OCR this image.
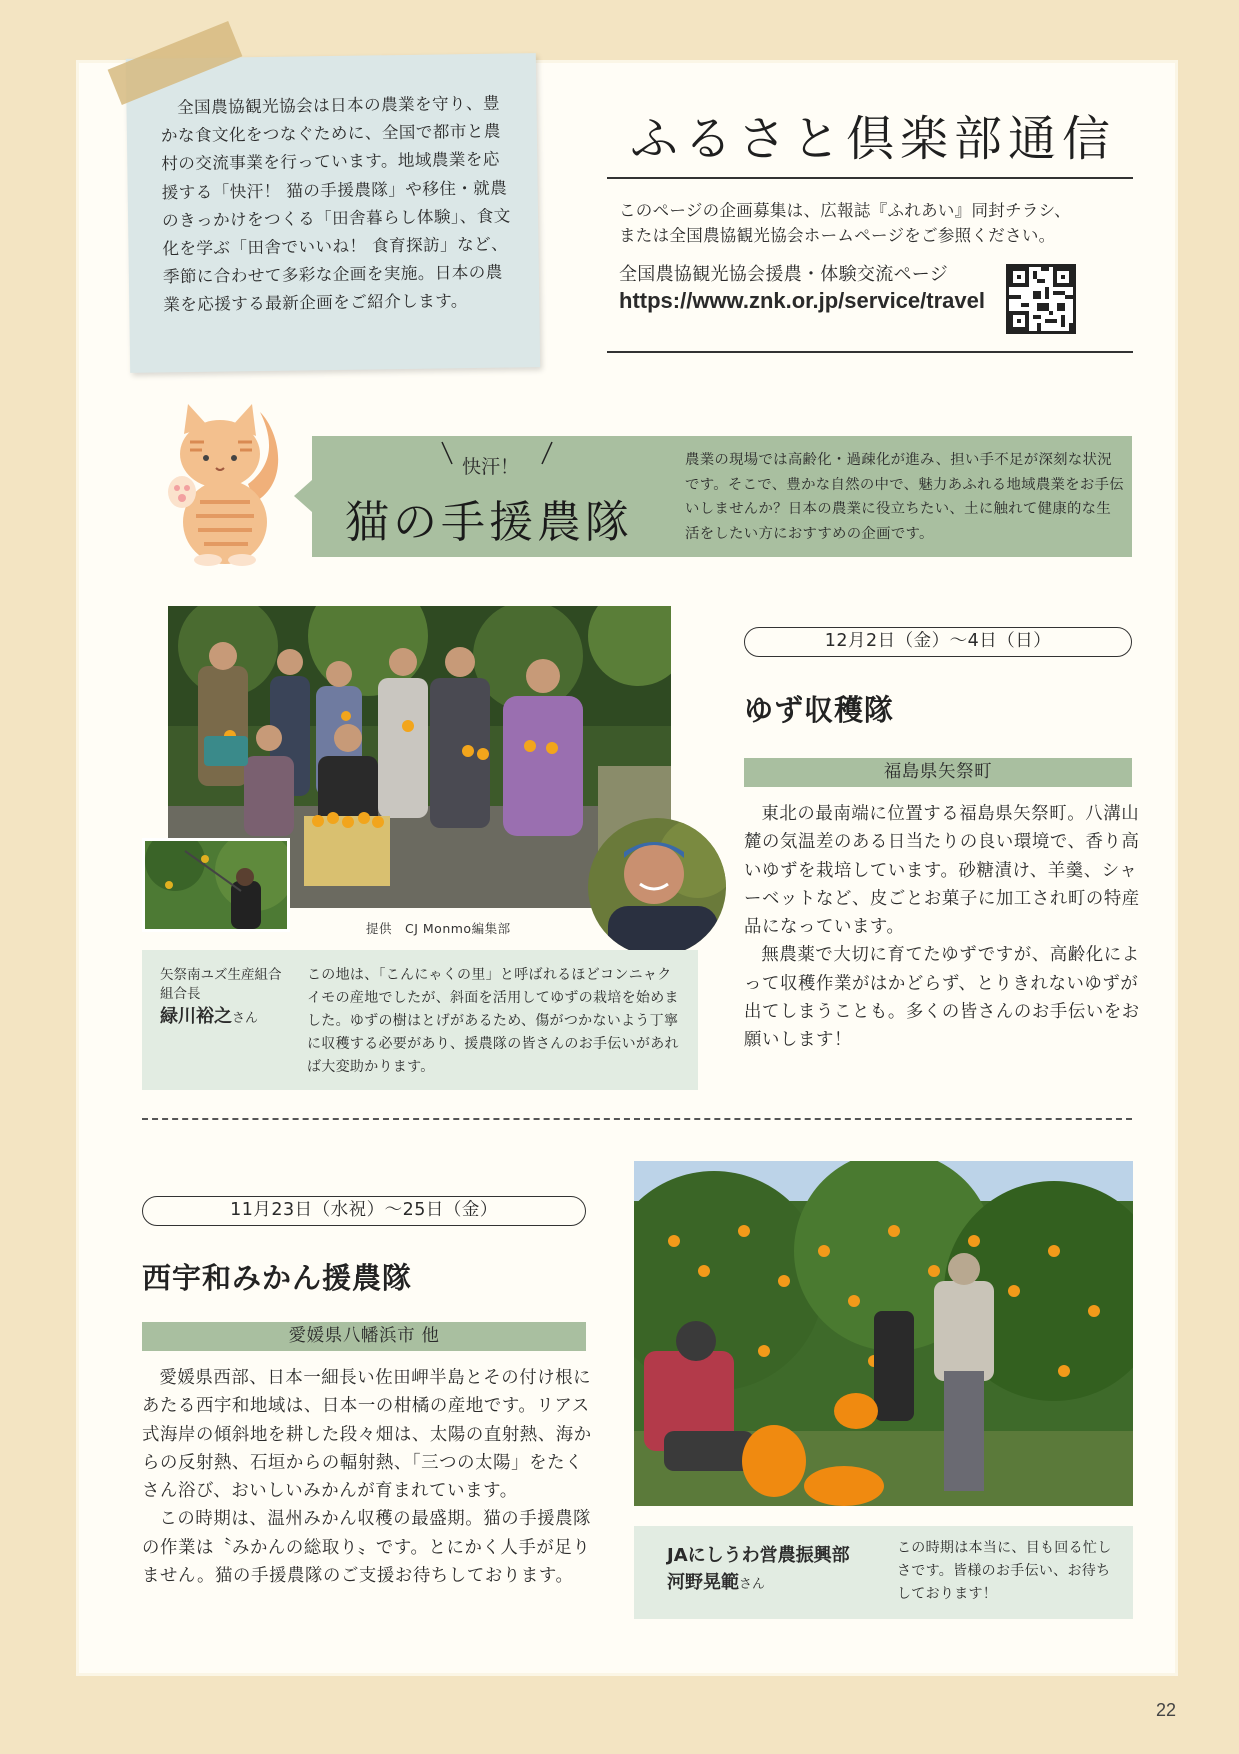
全国農協観光協会は日本の農業を守り、豊かな食文化をつなぐために、全国で都市と農村の交流事業を行っています。地域農業を応援する「快汗！ 猫の手援農隊」や移住・就農のきっかけをつくる「田舎暮らし体験」、食文化を学ぶ「田舎でいいね！ 食育探訪」など、季節に合わせて多彩な企画を実施。日本の農業を応援する最新企画をご紹介します。

ふるさと倶楽部通信
このページの企画募集は、広報誌『ふれあい』同封チラシ、
または全国農協観光協会ホームページをご参照ください。
全国農協観光協会援農・体験交流ページ
https://www.znk.or.jp/service/travel
快汗！
猫の手援農隊
農業の現場では高齢化・過疎化が進み、担い手不足が深刻な状況です。そこで、豊かな自然の中で、魅力あふれる地域農業をお手伝いしませんか？日本の農業に役立ちたい、土に触れて健康的な生活をしたい方におすすめの企画です。
提供　CJ Monmo編集部
矢祭南ユズ生産組合
組合長
緑川裕之さん
この地は、「こんにゃくの里」と呼ばれるほどコンニャクイモの産地でしたが、斜面を活用してゆずの栽培を始めました。ゆずの樹はとげがあるため、傷がつかないよう丁寧に収穫する必要があり、援農隊の皆さんのお手伝いがあれば大変助かります。
12月2日（金）～4日（日）
ゆず収穫隊
福島県矢祭町

東北の最南端に位置する福島県矢祭町。八溝山麓の気温差のある日当たりの良い環境で、香り高いゆずを栽培しています。砂糖漬け、羊羹、シャーベットなど、皮ごとお菓子に加工され町の特産品になっています。

無農薬で大切に育てたゆずですが、高齢化によって収穫作業がはかどらず、とりきれないゆずが出てしまうことも。多くの皆さんのお手伝いをお願いします！

11月23日（水祝）～25日（金）
西宇和みかん援農隊
愛媛県八幡浜市 他

愛媛県西部、日本一細長い佐田岬半島とその付け根にあたる西宇和地域は、日本一の柑橘の産地です。リアス式海岸の傾斜地を耕した段々畑は、太陽の直射熱、海からの反射熱、石垣からの輻射熱、「三つの太陽」をたくさん浴び、おいしいみかんが育まれています。

この時期は、温州みかん収穫の最盛期。猫の手援農隊の作業は〝みかんの総取り〟です。とにかく人手が足りません。猫の手援農隊のご支援お待ちしております。

JAにしうわ営農振興部
河野晃範さん
この時期は本当に、目も回る忙しさです。皆様のお手伝い、お待ちしております！
22
